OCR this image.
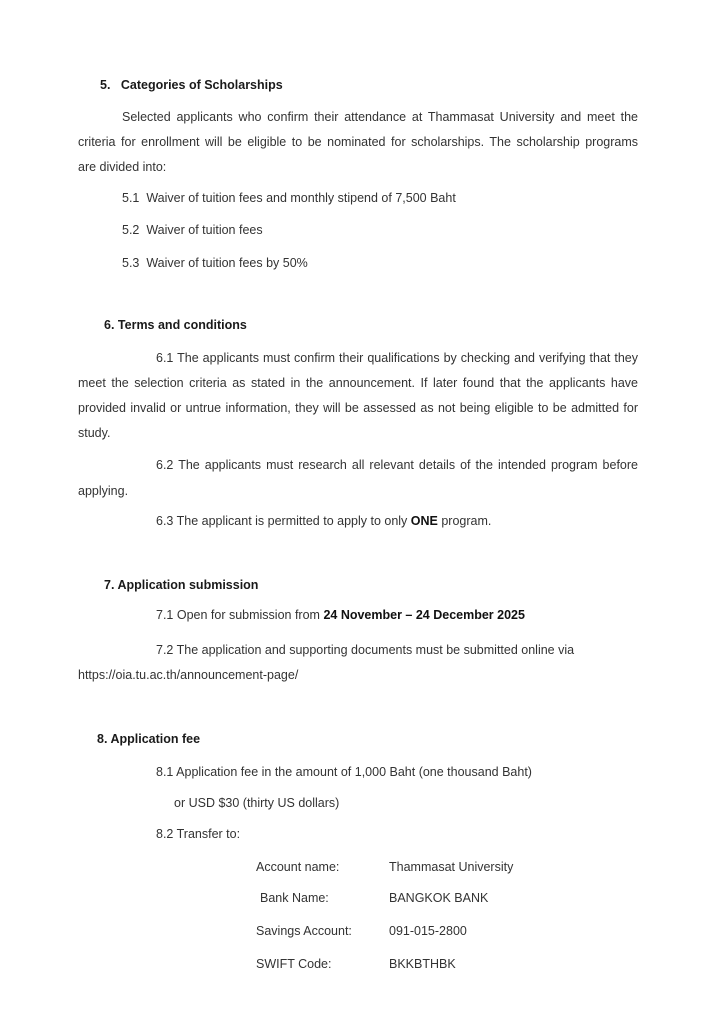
5. Categories of Scholarships
Selected applicants who confirm their attendance at Thammasat University and meet the
criteria for enrollment will be eligible to be nominated for scholarships. The scholarship programs
are divided into:
5.1 Waiver of tuition fees and monthly stipend of 7,500 Baht
5.2 Waiver of tuition fees
5.3 Waiver of tuition fees by 50%
6. Terms and conditions
6.1 The applicants must confirm their qualifications by checking and verifying that they
meet the selection criteria as stated in the announcement. If later found that the applicants have
provided invalid or untrue information, they will be assessed as not being eligible to be admitted for
study.
6.2 The applicants must research all relevant details of the intended program before
applying.
6.3 The applicant is permitted to apply to only ONE program.
7. Application submission
7.1 Open for submission from 24 November – 24 December 2025
7.2 The application and supporting documents must be submitted online via
https://oia.tu.ac.th/announcement-page/
8. Application fee
8.1 Application fee in the amount of 1,000 Baht (one thousand Baht)
or USD $30 (thirty US dollars)
8.2 Transfer to:
Account name:	Thammasat University
Bank Name:	BANGKOK BANK
Savings Account:	091-015-2800
SWIFT Code:	BKKBTHBK
